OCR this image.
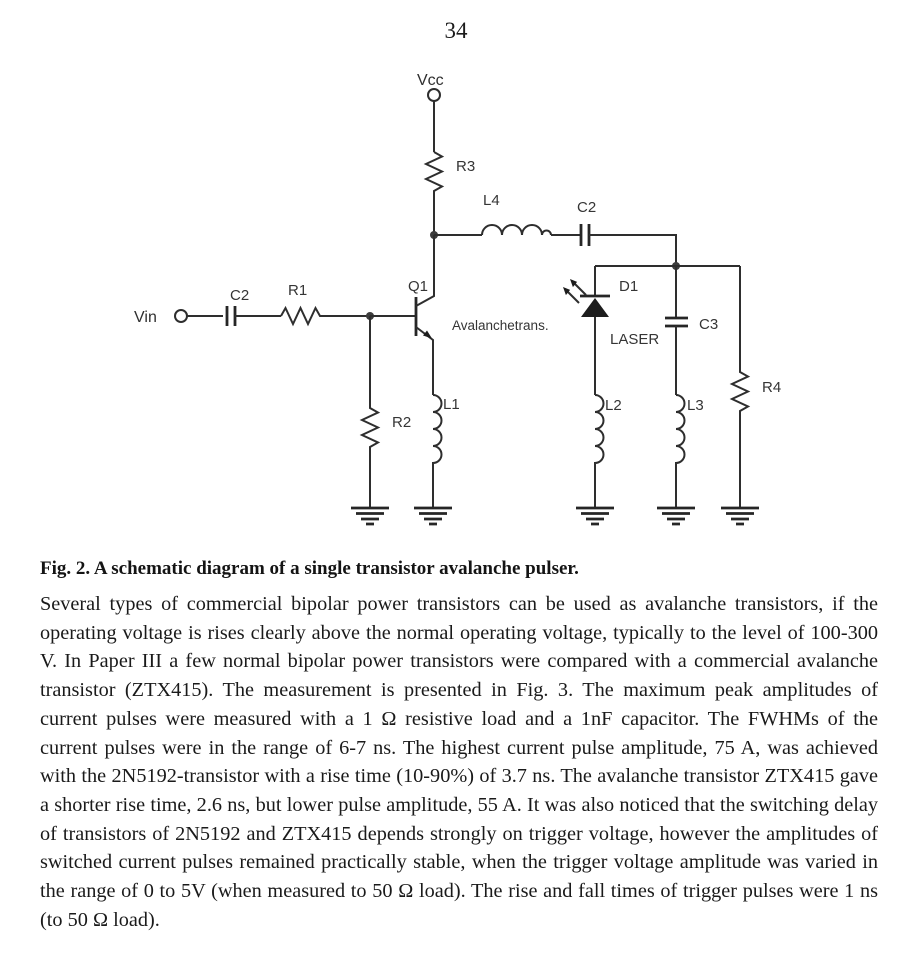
34
Vcc
R3
L4	C2
D1
LASER
C3
R4
L2	L3
Vin
C2	R1	Q1
Avalanchetrans.
R2
L1
Fig. 2. A schematic diagram of a single transistor avalanche pulser.
Several types of commercial bipolar power transistors can be used as avalanche transistors, if the operating voltage is rises clearly above the normal operating voltage, typically to the level of 100-300 V. In Paper III a few normal bipolar power transistors were compared with a commercial avalanche transistor (ZTX415). The measurement is presented in Fig. 3. The maximum peak amplitudes of current pulses were measured with a 1 Ω resistive load and a 1nF capacitor. The FWHMs of the current pulses were in the range of 6-7 ns. The highest current pulse amplitude, 75 A, was achieved with the 2N5192-transistor with a rise time (10-90%) of 3.7 ns. The avalanche transistor ZTX415 gave a shorter rise time, 2.6 ns, but lower pulse amplitude, 55 A. It was also noticed that the switching delay of transistors of 2N5192 and ZTX415 depends strongly on trigger voltage, however the amplitudes of switched current pulses remained practically stable, when the trigger voltage amplitude was varied in the range of 0 to 5V (when measured to 50 Ω load). The rise and fall times of trigger pulses were 1 ns (to 50 Ω load).
